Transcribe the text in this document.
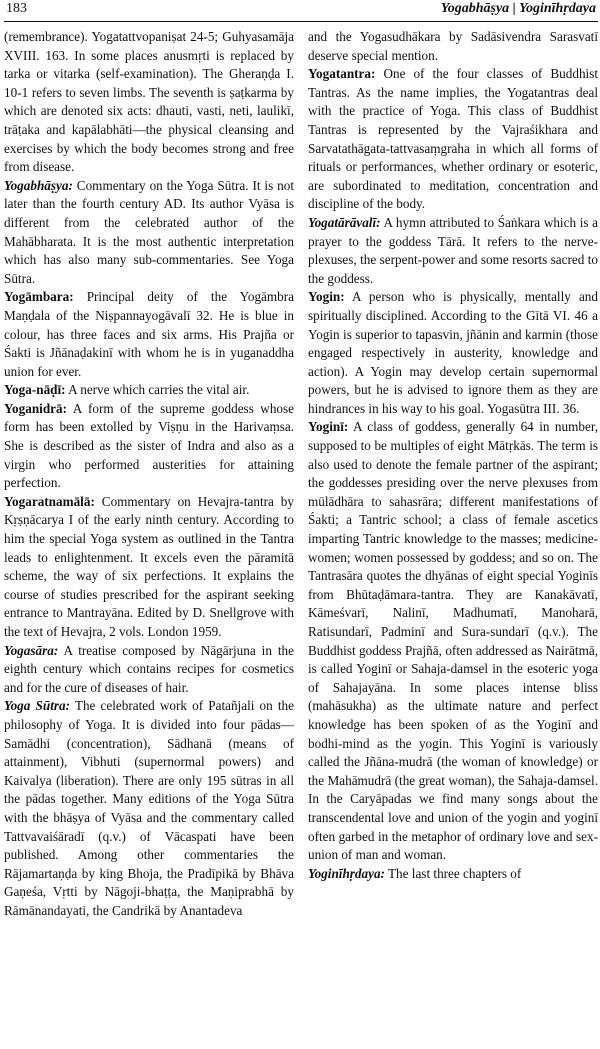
183	Yogabhāṣya | Yoginīhṛdaya

(remembrance). Yogatattvopaniṣat 24-5; Guhyasamāja XVIII. 163. In some places anusmṛti is replaced by tarka or vitarka (self-examination). The Gheraṇḍa I. 10-1 refers to seven limbs. The seventh is ṣaṭkarma by which are denoted six acts: dhauti, vasti, neti, laulikī, trāṭaka and kapālabhāti—the physical cleansing and exercises by which the body becomes strong and free from disease.

Yogabhāṣya: Commentary on the Yoga Sūtra. It is not later than the fourth century AD. Its author Vyāsa is different from the celebrated author of the Mahābharata. It is the most authentic interpretation which has also many sub-commentaries. See Yoga Sūtra.

Yogāmbara: Principal deity of the Yogāmbra Maṇḍala of the Niṣpannayogāvalī 32. He is blue in colour, has three faces and six arms. His Prajña or Śakti is Jñānaḍakinī with whom he is in yuganaddha union for ever.

Yoga-nāḍī: A nerve which carries the vital air.

Yoganidrā: A form of the supreme goddess whose form has been extolled by Viṣṇu in the Harivaṃsa. She is described as the sister of Indra and also as a virgin who performed austerities for attaining perfection.

Yogaratnamālā: Commentary on Hevajra-tantra by Kṛṣṇācarya I of the early ninth century. According to him the special Yoga system as outlined in the Tantra leads to enlightenment. It excels even the pāramitā scheme, the way of six perfections. It explains the course of studies prescribed for the aspirant seeking entrance to Mantrayāna. Edited by D. Snellgrove with the text of Hevajra, 2 vols. London 1959.

Yogasāra: A treatise composed by Nāgārjuna in the eighth century which contains recipes for cosmetics and for the cure of diseases of hair.

Yoga Sūtra: The celebrated work of Patañjali on the philosophy of Yoga. It is divided into four pādas—Samādhi (concentration), Sādhanā (means of attainment), Vibhuti (supernormal powers) and Kaivalya (liberation). There are only 195 sūtras in all the pādas together. Many editions of the Yoga Sūtra with the bhāṣya of Vyāsa and the commentary called Tattvavaiśāradī (q.v.) of Vācaspati have been published. Among other commentaries the Rājamartaṇḍa by king Bhoja, the Pradīpikā by Bhāva Gaṇeśa, Vṛtti by Nāgoji-bhaṭṭa, the Maṇiprabhā by Rāmānandayati, the Candrikā by Anantadeva

and the Yogasudhākara by Sadāsivendra Sarasvatī deserve special mention.

Yogatantra: One of the four classes of Buddhist Tantras. As the name implies, the Yogatantras deal with the practice of Yoga. This class of Buddhist Tantras is represented by the Vajraśikhara and Sarvatathāgata-tattvasaṃgraha in which all forms of rituals or performances, whether ordinary or esoteric, are subordinated to meditation, concentration and discipline of the body.

Yogatārāvalī: A hymn attributed to Śaṅkara which is a prayer to the goddess Tārā. It refers to the nerve-plexuses, the serpent-power and some resorts sacred to the goddess.

Yogin: A person who is physically, mentally and spiritually disciplined. According to the Gītā VI. 46 a Yogin is superior to tapasvin, jñānin and karmin (those engaged respectively in austerity, knowledge and action). A Yogin may develop certain supernormal powers, but he is advised to ignore them as they are hindrances in his way to his goal. Yogasūtra III. 36.

Yoginī: A class of goddess, generally 64 in number, supposed to be multiples of eight Mātṛkās. The term is also used to denote the female partner of the aspirant; the goddesses presiding over the nerve plexuses from mūlādhāra to sahasrāra; different manifestations of Śakti; a Tantric school; a class of female ascetics imparting Tantric knowledge to the masses; medicine-women; women possessed by goddess; and so on. The Tantrasāra quotes the dhyānas of eight special Yoginīs from Bhūtaḍāmara-tantra. They are Kanakāvatī, Kāmeśvarī, Nalinī, Madhumatī, Manoharā, Ratisundarī, Padminī and Sura-sundarī (q.v.). The Buddhist goddess Prajñā, often addressed as Nairātmā, is called Yoginī or Sahaja-damsel in the esoteric yoga of Sahajayāna. In some places intense bliss (mahāsukha) as the ultimate nature and perfect knowledge has been spoken of as the Yoginī and bodhi-mind as the yogin. This Yoginī is variously called the Jñāna-mudrā (the woman of knowledge) or the Mahāmudrā (the great woman), the Sahaja-damsel. In the Caryāpadas we find many songs about the transcendental love and union of the yogin and yoginī often garbed in the metaphor of ordinary love and sex-union of man and woman.

Yoginīhṛdaya: The last three chapters of
